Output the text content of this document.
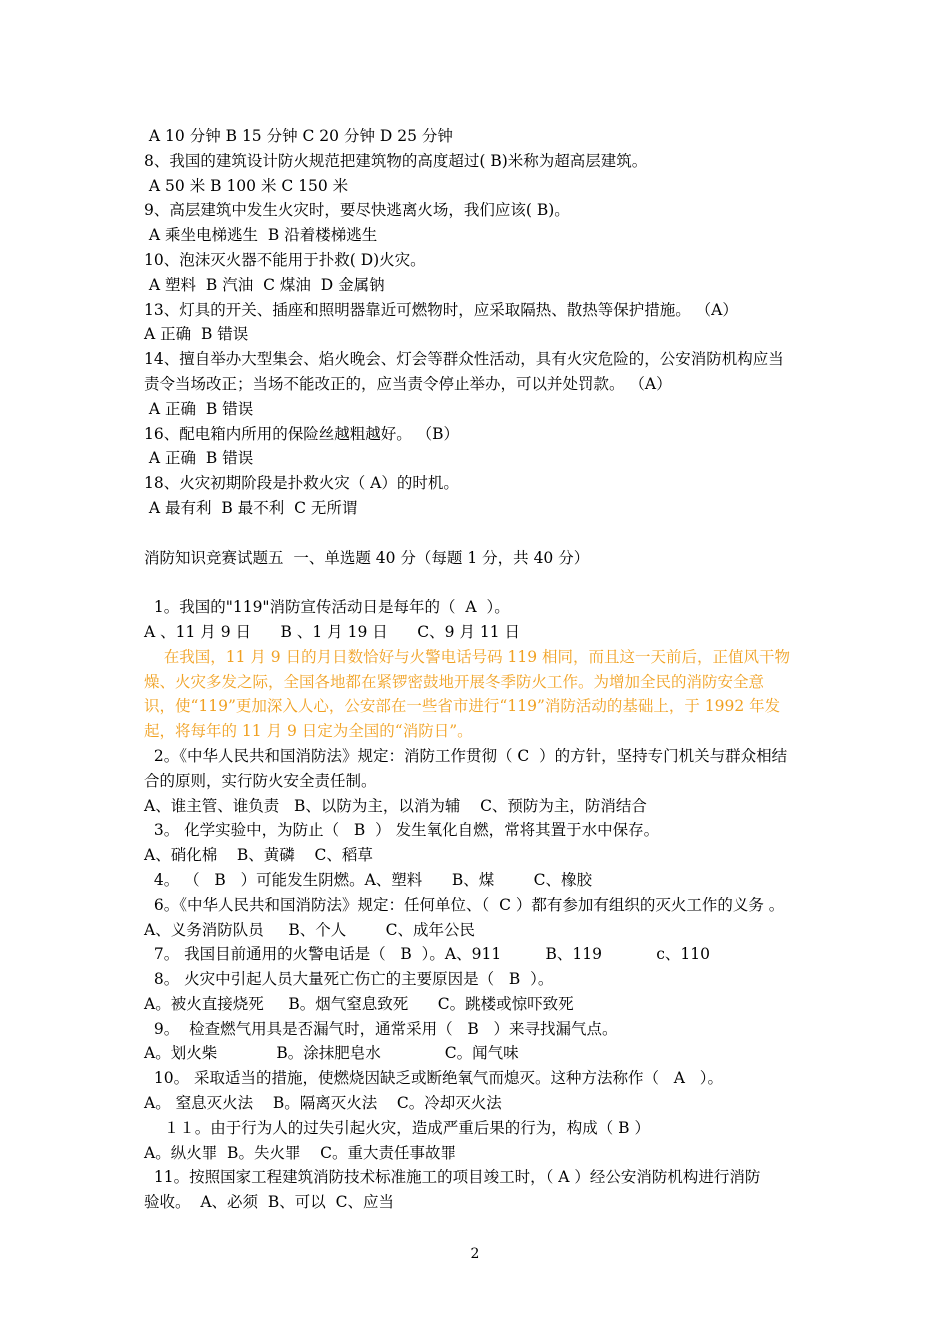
A 10 分钟 B 15 分钟 C 20 分钟 D 25 分钟
8、我国的建筑设计防火规范把建筑物的高度超过( B)米称为超高层建筑。
A 50 米 B 100 米 C 150 米
9、高层建筑中发生火灾时，要尽快逃离火场，我们应该( B)。
A 乘坐电梯逃生  B 沿着楼梯逃生
10、泡沫灭火器不能用于扑救( D)火灾。
A 塑料  B 汽油  C 煤油  D 金属钠
13、灯具的开关、插座和照明器靠近可燃物时，应采取隔热、散热等保护措施。 （A）
A 正确  B 错误
14、擅自举办大型集会、焰火晚会、灯会等群众性活动，具有火灾危险的，公安消防机构应当
责令当场改正；当场不能改正的，应当责令停止举办，可以并处罚款。 （A）
A 正确  B 错误
16、配电箱内所用的保险丝越粗越好。 （B）
A 正确  B 错误
18、火灾初期阶段是扑救火灾（ A）的时机。
A 最有利  B 最不利  C 无所谓
消防知识竞赛试题五  一、单选题 40 分（每题 1 分，共 40 分）
1。我国的"119"消防宣传活动日是每年的（  A  ）。
A 、11 月 9 日      B 、1 月 19 日      C、9 月 11 日
在我国，11 月 9 日的月日数恰好与火警电话号码 119 相同，而且这一天前后，正值风干物
燥、火灾多发之际，全国各地都在紧锣密鼓地开展冬季防火工作。为增加全民的消防安全意
识，使“119”更加深入人心，公安部在一些省市进行“119”消防活动的基础上，于 1992 年发
起，将每年的 11 月 9 日定为全国的“消防日”。
2。《中华人民共和国消防法》规定：消防工作贯彻（ C  ）的方针，坚持专门机关与群众相结
合的原则，实行防火安全责任制。
A、谁主管、谁负责   B、以防为主，以消为辅    C、预防为主，防消结合
3。 化学实验中，为防止（   B  ） 发生氧化自燃，常将其置于水中保存。
A、硝化棉    B、黄磷    C、稻草
4。 （   B   ）可能发生阴燃。A、塑料      B、煤        C、橡胶
6。《中华人民共和国消防法》规定：任何单位、（  C ）都有参加有组织的灭火工作的义务 。
A、义务消防队员     B、个人        C、成年公民
7。 我国目前通用的火警电话是（   B  ）。A、911         B、119           c、110
8。 火灾中引起人员大量死亡伤亡的主要原因是（   B  ）。
A。被火直接烧死     B。烟气窒息致死      C。跳楼或惊吓致死
9。  检查燃气用具是否漏气时，通常采用（   B   ）来寻找漏气点。
A。划火柴            B。涂抹肥皂水             C。闻气味
10。 采取适当的措施，使燃烧因缺乏或断绝氧气而熄灭。这种方法称作（   A   ）。
A。 窒息灭火法    B。隔离灭火法    C。冷却灭火法
１１。由于行为人的过失引起火灾，造成严重后果的行为，构成（ B ）
A。纵火罪  B。失火罪    C。重大责任事故罪
11。按照国家工程建筑消防技术标准施工的项目竣工时，（ A ）经公安消防机构进行消防
验收。  A、必须  B、可以  C、应当
2
